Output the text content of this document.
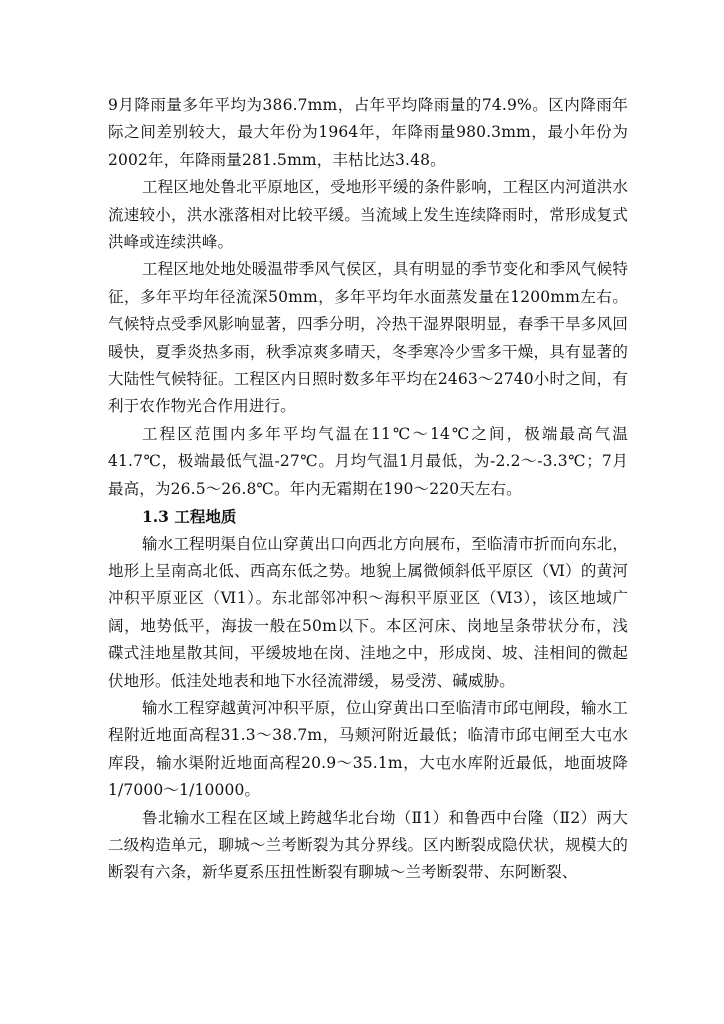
9月降雨量多年平均为386.7mm，占年平均降雨量的74.9%。区内降雨年际之间差别较大，最大年份为1964年，年降雨量980.3mm，最小年份为2002年，年降雨量281.5mm，丰枯比达3.48。

工程区地处鲁北平原地区，受地形平缓的条件影响，工程区内河道洪水流速较小，洪水涨落相对比较平缓。当流域上发生连续降雨时，常形成复式洪峰或连续洪峰。

工程区地处地处暖温带季风气侯区，具有明显的季节变化和季风气候特征，多年平均年径流深50mm，多年平均年水面蒸发量在1200mm左右。气候特点受季风影响显著，四季分明，冷热干湿界限明显，春季干旱多风回暖快，夏季炎热多雨，秋季凉爽多晴天，冬季寒冷少雪多干燥，具有显著的大陆性气候特征。工程区内日照时数多年平均在2463～2740小时之间，有利于农作物光合作用进行。

工程区范围内多年平均气温在11℃～14℃之间，极端最高气温41.7℃，极端最低气温-27℃。月均气温1月最低，为-2.2～-3.3℃；7月最高，为26.5～26.8℃。年内无霜期在190～220天左右。

1.3 工程地质

输水工程明渠自位山穿黄出口向西北方向展布，至临清市折而向东北，地形上呈南高北低、西高东低之势。地貌上属微倾斜低平原区（Ⅵ）的黄河冲积平原亚区（Ⅵ1）。东北部邻冲积～海积平原亚区（Ⅵ3），该区地域广阔，地势低平，海拔一般在50m以下。本区河床、岗地呈条带状分布，浅碟式洼地星散其间，平缓坡地在岗、洼地之中，形成岗、坡、洼相间的微起伏地形。低洼处地表和地下水径流滞缓，易受涝、碱威胁。

输水工程穿越黄河冲积平原，位山穿黄出口至临清市邱屯闸段，输水工程附近地面高程31.3～38.7m，马颊河附近最低；临清市邱屯闸至大屯水库段，输水渠附近地面高程20.9～35.1m，大屯水库附近最低，地面坡降1/7000～1/10000。

鲁北输水工程在区域上跨越华北台坳（Ⅱ1）和鲁西中台隆（Ⅱ2）两大二级构造单元，聊城～兰考断裂为其分界线。区内断裂成隐伏状，规模大的断裂有六条，新华夏系压扭性断裂有聊城～兰考断裂带、东阿断裂、
